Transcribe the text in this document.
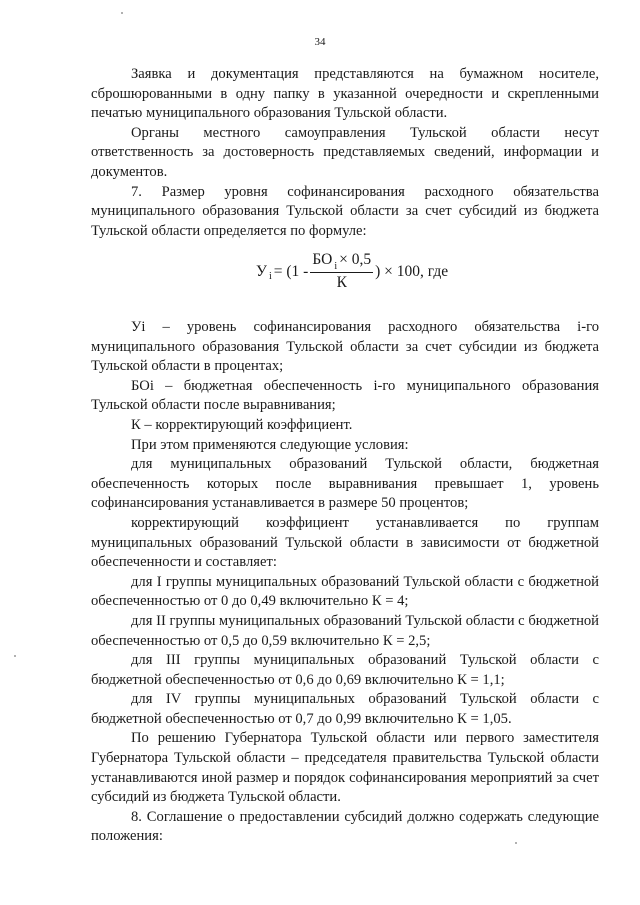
34

Заявка и документация представляются на бумажном носителе, сброшюрованными в одну папку в указанной очередности и скрепленными печатью муниципального образования Тульской области.

Органы местного самоуправления Тульской области несут ответственность за достоверность представляемых сведений, информации и документов.

7. Размер уровня софинансирования расходного обязательства муниципального образования Тульской области за счет субсидий из бюджета Тульской области определяется по формуле:

У $i = (1 - \frac{БО _i \times 0,5}{К}$ ) × 100, где

Уi – уровень софинансирования расходного обязательства i-го муниципального образования Тульской области за счет субсидии из бюджета Тульской области в процентах;

БОi – бюджетная обеспеченность i-го муниципального образования Тульской области после выравнивания;

К – корректирующий коэффициент.

При этом применяются следующие условия:

для муниципальных образований Тульской области, бюджетная обеспеченность которых после выравнивания превышает 1, уровень софинансирования устанавливается в размере 50 процентов;

корректирующий коэффициент устанавливается по группам муниципальных образований Тульской области в зависимости от бюджетной обеспеченности и составляет:

для I группы муниципальных образований Тульской области с бюджетной обеспеченностью от 0 до 0,49 включительно К = 4;

для II группы муниципальных образований Тульской области с бюджетной обеспеченностью от 0,5 до 0,59 включительно К = 2,5;

для III группы муниципальных образований Тульской области с бюджетной обеспеченностью от 0,6 до 0,69 включительно К = 1,1;

для IV группы муниципальных образований Тульской области с бюджетной обеспеченностью от 0,7 до 0,99 включительно К = 1,05.

По решению Губернатора Тульской области или первого заместителя Губернатора Тульской области – председателя правительства Тульской области устанавливаются иной размер и порядок софинансирования мероприятий за счет субсидий из бюджета Тульской области.

8. Соглашение о предоставлении субсидий должно содержать следующие положения:
